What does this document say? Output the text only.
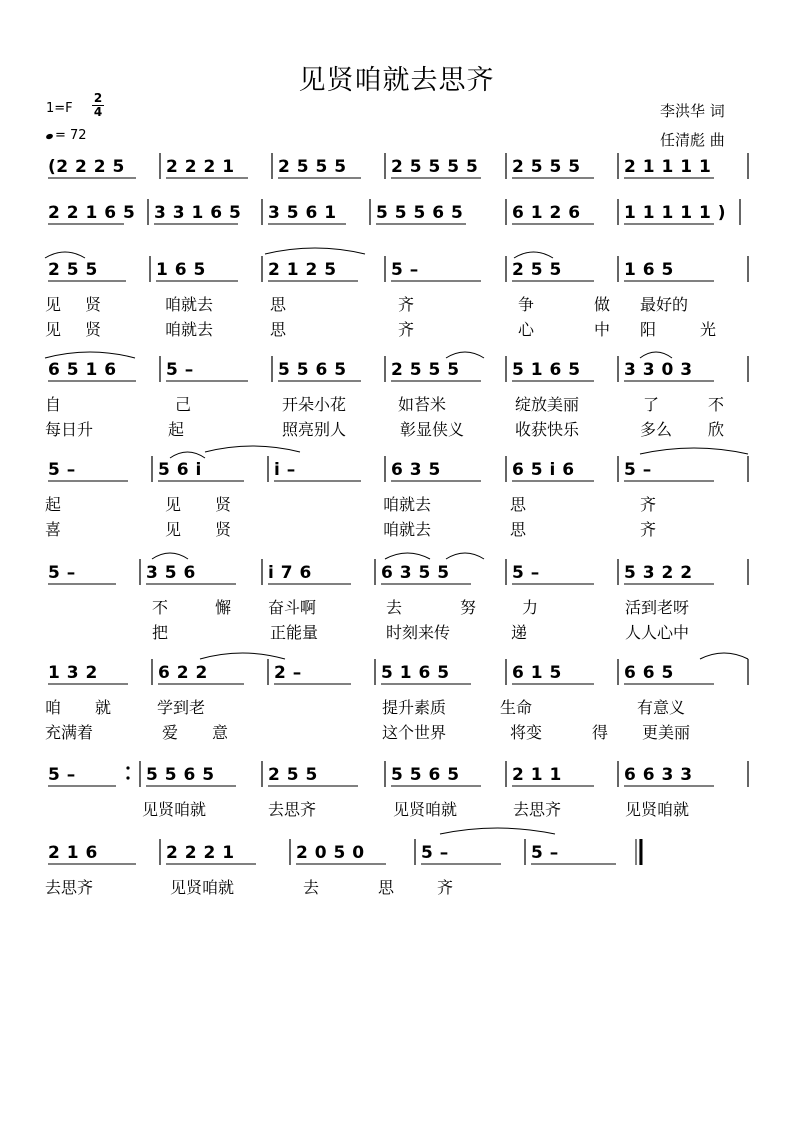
见贤咱就去思齐
1=F
2
4
= 72
李洪华 词
任清彪 曲
(2 2 2 5 2 2 2 1	2 5 5 5	2 5 5 5 5 2 5 5 5	2 1 1 1 1
2 2 1 6 5 3 3 1 6 5 3 5 6 1 5 5 5 6 5	6 1 2 6	1 1 1 1 1 )
2 5 5	1 6 5	2 1 2 5	5 –	2 5 5	1 6 5
见 贤	咱就去	思	齐	争	做 最好的
见 贤	咱就去	思	齐	心	中 阳	光
6 5 1 6	5 –	5 5 6 5	2 5 5 5	5 1 6 5	3 3 0 3
自	己	开朵小花	如苔米	绽放美丽	了	不
每日升	起	照亮别人	彰显侠义	收获快乐	多么 欣
5 –	5 6 i	i –	6 3 5	6 5 i 6	5 –
起	见 贤	咱就去	思	齐
喜	见 贤	咱就去	思	齐
5 –	3 5 6	i 7 6	6 3 5 5	5 –	5 3 2 2
不	懈 奋斗啊	去	努	力	活到老呀
把	正能量	时刻来传	递	人人心中
1 3 2	6 2 2	2 –	5 1 6 5	6 1 5	6 6 5
咱 就	学到老	提升素质	生命	有意义
充满着	爱 意	这个世界	将变	得 更美丽
5 –	5 5 6 5	2 5 5	5 5 6 5	2 1 1	6 6 3 3
见贤咱就	去思齐	见贤咱就	去思齐	见贤咱就
2 1 6	2 2 2 1	2 0 5 0	5 –	5 –
去思齐	见贤咱就	去	思	齐
